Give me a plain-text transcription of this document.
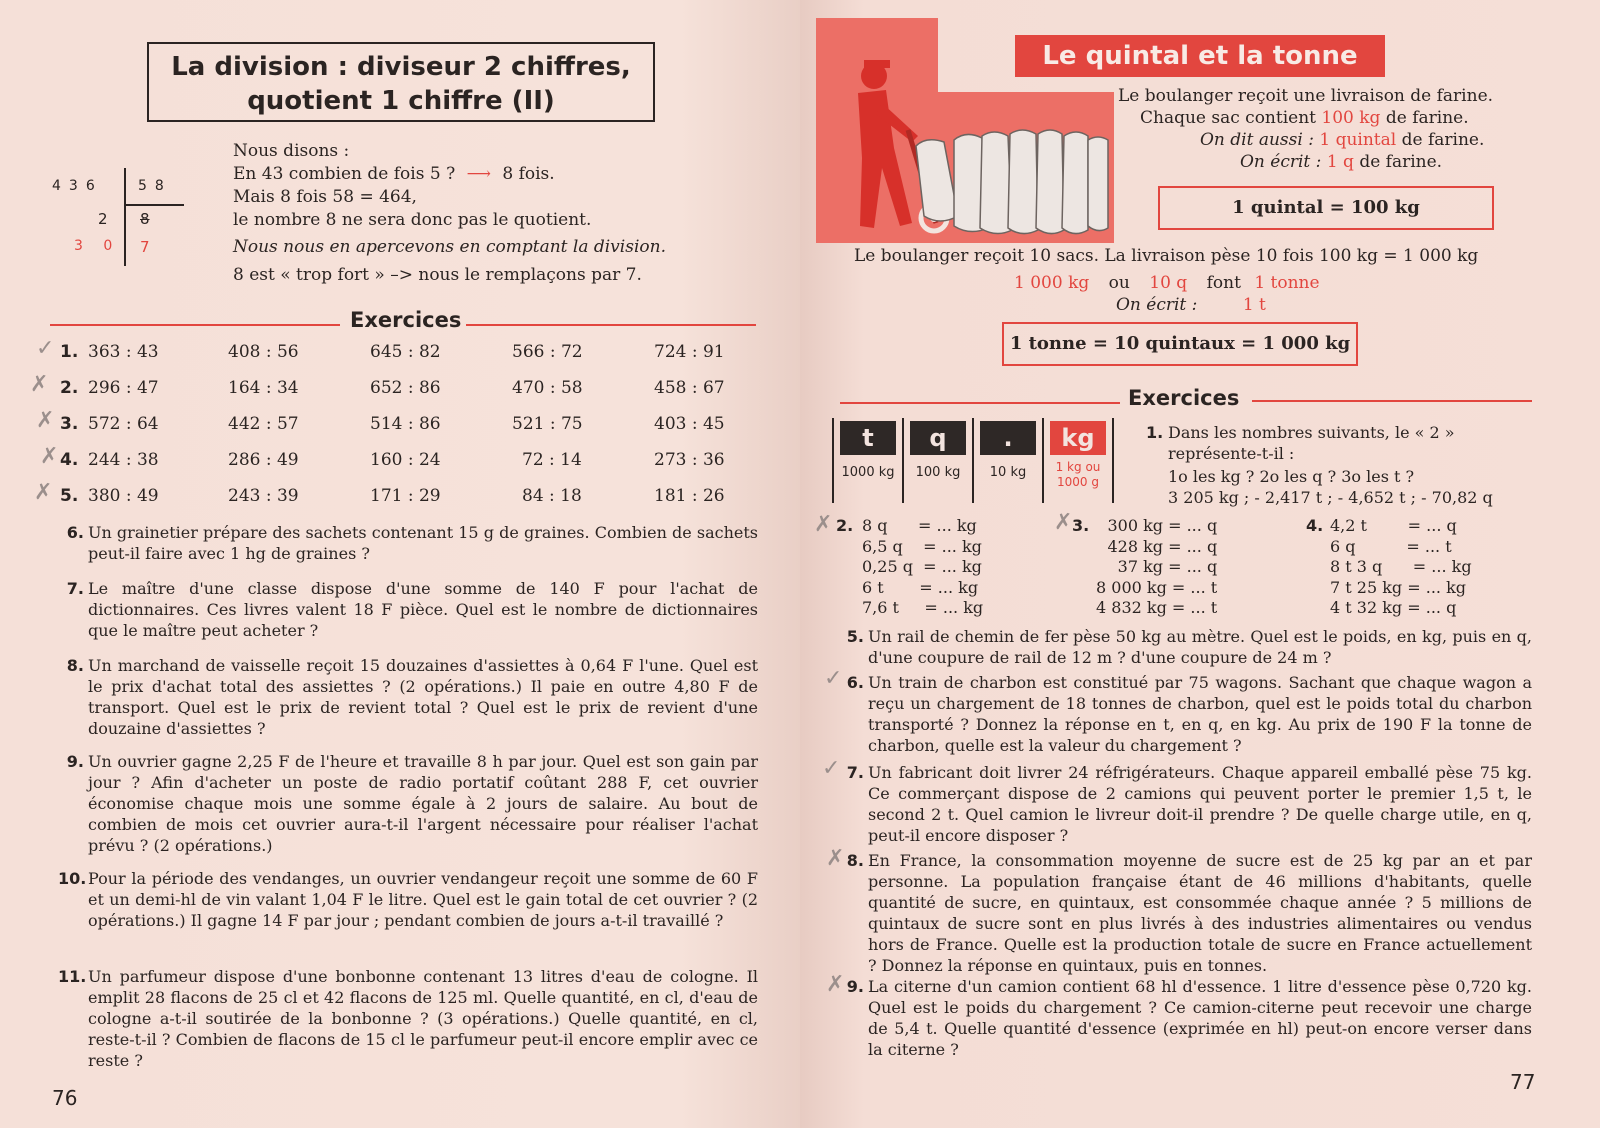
La division : diviseur 2 chiffres,
quotient 1 chiffre (II)
436	58
2 8
3 0 7
Nous disons :
En 43 combien de fois 5 ? ⟶ 8 fois.
Mais 8 fois 58 = 464,
le nombre 8 ne sera donc pas le quotient.
Nous nous en apercevons en comptant la division.
8 est « trop fort » –> nous le remplaçons par 7.
Exercices
1. 363 : 43	408 : 56	645 : 82	566 : 72	724 : 91
2. 296 : 47	164 : 34	652 : 86	470 : 58	458 : 67
3. 572 : 64	442 : 57	514 : 86	521 : 75	403 : 45
4. 244 : 38	286 : 49	160 : 24	72 : 14	273 : 36
5. 380 : 49	243 : 39	171 : 29	84 : 18	181 : 26
✓
✗
✗
✗
✗
6. Un grainetier prépare des sachets contenant 15 g de graines. Combien de sachets peut-il faire avec 1 hg de graines ?
7. Le maître d'une classe dispose d'une somme de 140 F pour l'achat de dictionnaires. Ces livres valent 18 F pièce. Quel est le nombre de dictionnaires que le maître peut acheter ?
8. Un marchand de vaisselle reçoit 15 douzaines d'assiettes à 0,64 F l'une. Quel est le prix d'achat total des assiettes ? (2 opérations.) Il paie en outre 4,80 F de transport. Quel est le prix de revient total ? Quel est le prix de revient d'une douzaine d'assiettes ?
9. Un ouvrier gagne 2,25 F de l'heure et travaille 8 h par jour. Quel est son gain par jour ? Afin d'acheter un poste de radio portatif coûtant 288 F, cet ouvrier économise chaque mois une somme égale à 2 jours de salaire. Au bout de combien de mois cet ouvrier aura-t-il l'argent nécessaire pour réaliser l'achat prévu ? (2 opérations.)
10. Pour la période des vendanges, un ouvrier vendangeur reçoit une somme de 60 F et un demi-hl de vin valant 1,04 F le litre. Quel est le gain total de cet ouvrier ? (2 opérations.) Il gagne 14 F par jour ; pendant combien de jours a-t-il travaillé ?
11. Un parfumeur dispose d'une bonbonne contenant 13 litres d'eau de cologne. Il emplit 28 flacons de 25 cl et 42 flacons de 125 ml. Quelle quantité, en cl, d'eau de cologne a-t-il soutirée de la bonbonne ? (3 opérations.) Quelle quantité, en cl, reste-t-il ? Combien de flacons de 15 cl le parfumeur peut-il encore emplir avec ce reste ?
76
Le quintal et la tonne
Le boulanger reçoit une livraison de farine.
Chaque sac contient 100 kg de farine.
On dit aussi : 1 quintal de farine.
On écrit : 1 q de farine.
1 quintal = 100 kg
Le boulanger reçoit 10 sacs. La livraison pèse 10 fois 100 kg = 1 000 kg
1 000 kg ou 10 q font 1 tonne
On écrit :	1 t
1 tonne = 10 quintaux = 1 000 kg
Exercices
t
1000 kg
q
100 kg
.
10 kg
kg
1 kg ou 1000 g
1. Dans les nombres suivants, le « 2 » représente-t-il :
1o les kg ? 2o les q ? 3o les t ?
3 205 kg ; - 2,417 t ; - 4,652 t ; - 70,82 q
2. 8 q      = ... kg
6,5 q    = ... kg
0,25 q  = ... kg
6 t       = ... kg
7,6 t     = ... kg
3.	300 kg = ... q
428 kg = ... q
37 kg = ... q
8 000 kg = ... t
4 832 kg = ... t
4. 4,2 t        = ... q
6 q          = ... t
8 t 3 q      = ... kg
7 t 25 kg = ... kg
4 t 32 kg = ... q
5. Un rail de chemin de fer pèse 50 kg au mètre. Quel est le poids, en kg, puis en q, d'une coupure de rail de 12 m ? d'une coupure de 24 m ?
6. Un train de charbon est constitué par 75 wagons. Sachant que chaque wagon a reçu un chargement de 18 tonnes de charbon, quel est le poids total du charbon transporté ? Donnez la réponse en t, en q, en kg. Au prix de 190 F la tonne de charbon, quelle est la valeur du chargement ?
7. Un fabricant doit livrer 24 réfrigérateurs. Chaque appareil emballé pèse 75 kg. Ce commerçant dispose de 2 camions qui peuvent porter le premier 1,5 t, le second 2 t. Quel camion le livreur doit-il prendre ? De quelle charge utile, en q, peut-il encore disposer ?
8. En France, la consommation moyenne de sucre est de 25 kg par an et par personne. La population française étant de 46 millions d'habitants, quelle quantité de sucre, en quintaux, est consommée chaque année ? 5 millions de quintaux de sucre sont en plus livrés à des industries alimentaires ou vendus hors de France. Quelle est la production totale de sucre en France actuellement ? Donnez la réponse en quintaux, puis en tonnes.
9. La citerne d'un camion contient 68 hl d'essence. 1 litre d'essence pèse 0,720 kg. Quel est le poids du chargement ? Ce camion-citerne peut recevoir une charge de 5,4 t. Quelle quantité d'essence (exprimée en hl) peut-on encore verser dans la citerne ?
✗	✗
✓
✓
✗
✗
77
